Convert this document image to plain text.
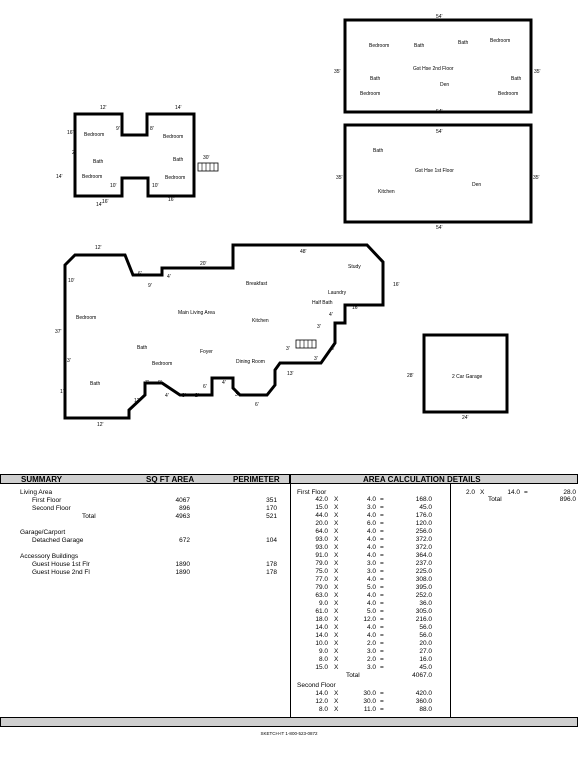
54'
54'
35'	35'
Gst Hse 2nd Floor
Bedroom	Bath	Bath	Bedroom
Bath
Den
Bath
Bedroom	Bedroom
54'
54'
35'	35'
Gst Hse 1st Floor
Bath
Den
Kitchen
12'	14'
16'
9'	8'
2'
14'
16'
10'	10'
14'
16'
30'
Bedroom	Bedroom
Bath	Bath
Bedroom	Bedroom
12'
10'
6'
9'
4'
20'
48'
16'
16'
4'
3'
3'	5'
3'
13'
6'
3'
37'
3'
17'
12'
7'
4'	3' 2'
6'
4'
8'
12'
Study
Breakfast
Laundry
Half Bath
Main Living Area
Kitchen
Bedroom
Bath
Foyer
Bedroom	Dining Room
Bath
2 Car Garage
28'
24'
SUMMARY	SQ FT AREA	PERIMETER	AREA CALCULATION DETAILS
Living Area
First Floor	4067	351
Second Floor	896	170
Total	4963	521
Garage/Carport
Detached Garage	672	104
Accessory Buildings
Guest House 1st Flr	1890	178
Guest House 2nd Fl	1890	178
First Floor
42.0 X	4.0 =	168.0
15.0 X	3.0 =	45.0
44.0 X	4.0 =	176.0
20.0 X	6.0 =	120.0
64.0 X	4.0 =	256.0
93.0 X	4.0 =	372.0
93.0 X	4.0 =	372.0
91.0 X	4.0 =	364.0
79.0 X	3.0 =	237.0
75.0 X	3.0 =	225.0
77.0 X	4.0 =	308.0
79.0 X	5.0 =	395.0
63.0 X	4.0 =	252.0
9.0 X	4.0 =	36.0
61.0 X	5.0 =	305.0
18.0 X	12.0 =	216.0
14.0 X	4.0 =	56.0
14.0 X	4.0 =	56.0
10.0 X	2.0 =	20.0
9.0 X	3.0 =	27.0
8.0 X	2.0 =	16.0
15.0 X	3.0 =	45.0
Total	4067.0
Second Floor
14.0 X	30.0 =	420.0
12.0 X	30.0 =	360.0
8.0 X	11.0 =	88.0
2.0 X	14.0 =	28.0
Total	896.0
SKETCH-IT 1-800-523-0872
